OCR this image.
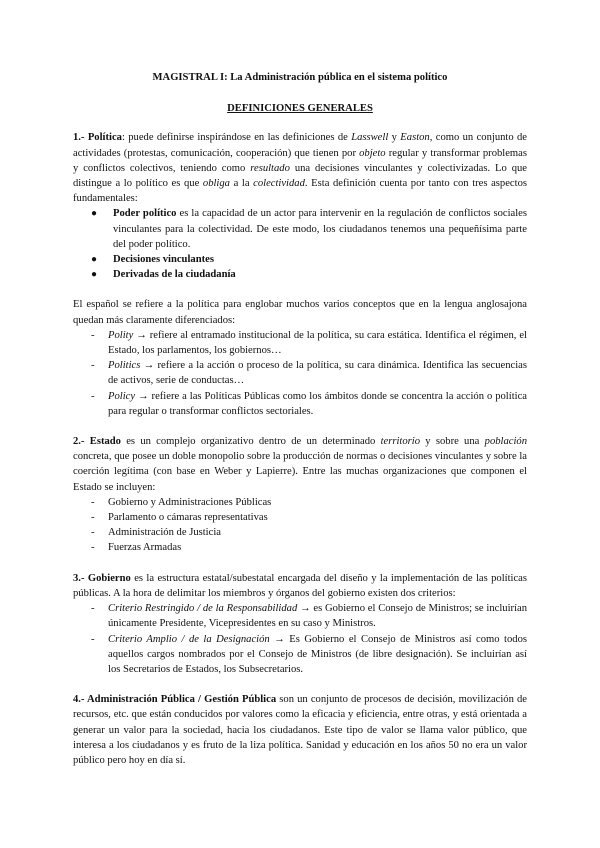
MAGISTRAL I: La Administración pública en el sistema político
DEFINICIONES GENERALES

1.- Política: puede definirse inspirándose en las definiciones de Lasswell y Easton, como un conjunto de actividades (protestas, comunicación, cooperación) que tienen por objeto regular y transformar problemas y conflictos colectivos, teniendo como resultado una decisiones vinculantes y colectivizadas. Lo que distingue a lo político es que obliga a la colectividad. Esta definición cuenta por tanto con tres aspectos fundamentales:

● Poder político es la capacidad de un actor para intervenir en la regulación de conflictos sociales vinculantes para la colectividad. De este modo, los ciudadanos tenemos una pequeñísima parte del poder político.
● Decisiones vinculantes
● Derivadas de la ciudadanía

El español se refiere a la política para englobar muchos varios conceptos que en la lengua anglosajona quedan más claramente diferenciados:

- Polity → refiere al entramado institucional de la política, su cara estática. Identifica el régimen, el Estado, los parlamentos, los gobiernos…
- Politics → refiere a la acción o proceso de la política, su cara dinámica. Identifica las secuencias de activos, serie de conductas…
- Policy → refiere a las Políticas Públicas como los ámbitos donde se concentra la acción o política para regular o transformar conflictos sectoriales.

2.- Estado es un complejo organizativo dentro de un determinado territorio y sobre una población concreta, que posee un doble monopolio sobre la producción de normas o decisiones vinculantes y sobre la coerción legítima (con base en Weber y Lapierre). Entre las muchas organizaciones que componen el Estado se incluyen:

- Gobierno y Administraciones Públicas
- Parlamento o cámaras representativas
- Administración de Justicia
- Fuerzas Armadas

3.- Gobierno es la estructura estatal/subestatal encargada del diseño y la implementación de las políticas públicas. A la hora de delimitar los miembros y órganos del gobierno existen dos criterios:

- Criterio Restringido / de la Responsabilidad → es Gobierno el Consejo de Ministros; se incluirían únicamente Presidente, Vicepresidentes en su caso y Ministros.
- Criterio Amplio / de la Designación → Es Gobierno el Consejo de Ministros así como todos aquellos cargos nombrados por el Consejo de Ministros (de libre designación). Se incluirían así los Secretarios de Estados, los Subsecretarios.

4.- Administración Pública / Gestión Pública son un conjunto de procesos de decisión, movilización de recursos, etc. que están conducidos por valores como la eficacia y eficiencia, entre otras, y está orientada a generar un valor para la sociedad, hacia los ciudadanos. Este tipo de valor se llama valor público, que interesa a los ciudadanos y es fruto de la liza política. Sanidad y educación en los años 50 no era un valor público pero hoy en día sí.
